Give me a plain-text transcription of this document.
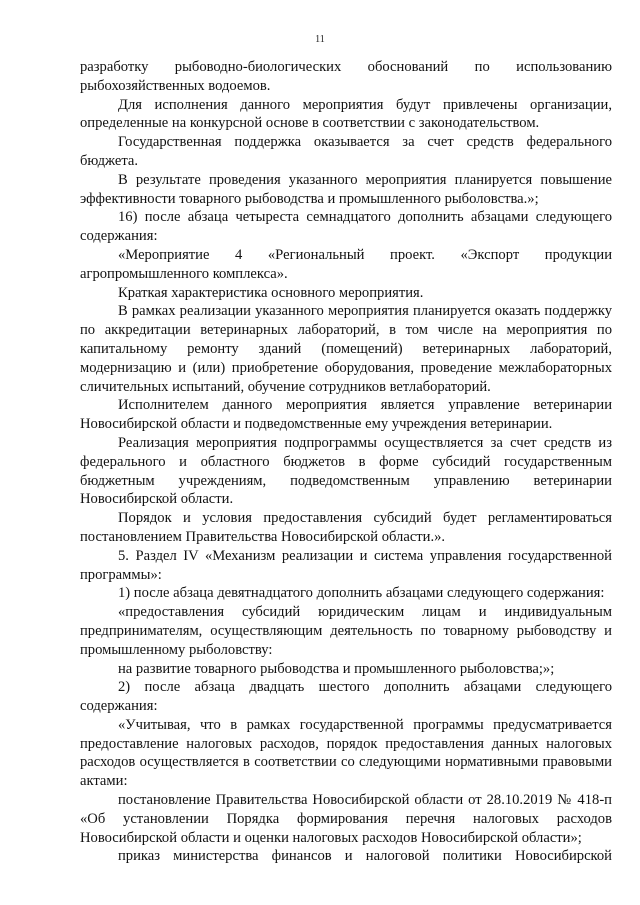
11

разработку рыбоводно-биологических обоснований по использованию рыбохозяйственных водоемов.

Для исполнения данного мероприятия будут привлечены организации, определенные на конкурсной основе в соответствии с законодательством.

Государственная поддержка оказывается за счет средств федерального бюджета.

В результате проведения указанного мероприятия планируется повышение эффективности товарного рыбоводства и промышленного рыболовства.»;

16) после абзаца четыреста семнадцатого дополнить абзацами следующего содержания:

«Мероприятие 4 «Региональный проект. «Экспорт продукции агропромышленного комплекса».

Краткая характеристика основного мероприятия.

В рамках реализации указанного мероприятия планируется оказать поддержку по аккредитации ветеринарных лабораторий, в том числе на мероприятия по капитальному ремонту зданий (помещений) ветеринарных лабораторий, модернизацию и (или) приобретение оборудования, проведение межлабораторных сличительных испытаний, обучение сотрудников ветлабораторий.

Исполнителем данного мероприятия является управление ветеринарии Новосибирской области и подведомственные ему учреждения ветеринарии.

Реализация мероприятия подпрограммы осуществляется за счет средств из федерального и областного бюджетов в форме субсидий государственным бюджетным учреждениям, подведомственным управлению ветеринарии Новосибирской области.

Порядок и условия предоставления субсидий будет регламентироваться постановлением Правительства Новосибирской области.».

5. Раздел IV «Механизм реализации и система управления государственной программы»:

1) после абзаца девятнадцатого дополнить абзацами следующего содержания:

«предоставления субсидий юридическим лицам и индивидуальным предпринимателям, осуществляющим деятельность по товарному рыбоводству и промышленному рыболовству:

на развитие товарного рыбоводства и промышленного рыболовства;»;

2) после абзаца двадцать шестого дополнить абзацами следующего содержания:

«Учитывая, что в рамках государственной программы предусматривается предоставление налоговых расходов, порядок предоставления данных налоговых расходов осуществляется в соответствии со следующими нормативными правовыми актами:

постановление Правительства Новосибирской области от 28.10.2019 № 418-п «Об установлении Порядка формирования перечня налоговых расходов Новосибирской области и оценки налоговых расходов Новосибирской области»;

приказ министерства финансов и налоговой политики Новосибирской
